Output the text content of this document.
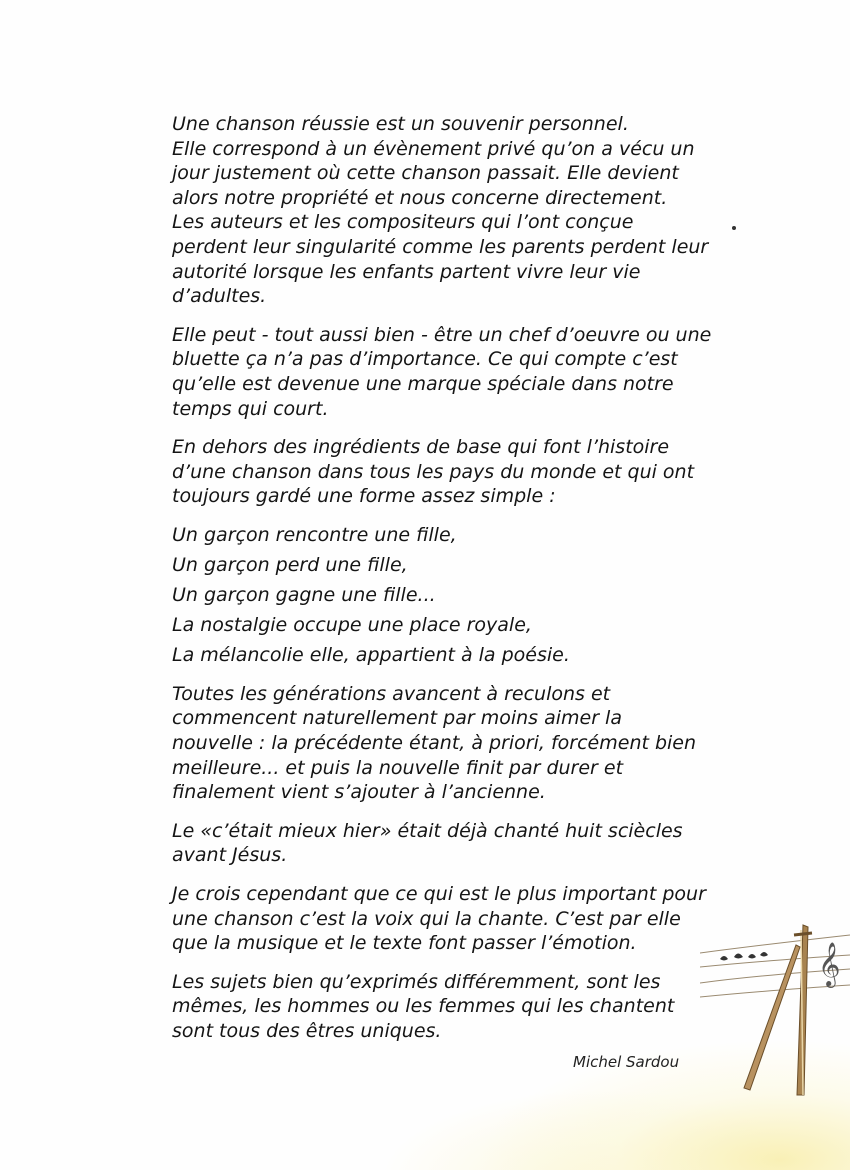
Une chanson réussie est un souvenir personnel.
Elle correspond à un évènement privé qu’on a vécu un
jour justement où cette chanson passait. Elle devient
alors notre propriété et nous concerne directement.
Les auteurs et les compositeurs qui l’ont conçue
perdent leur singularité comme les parents perdent leur
autorité lorsque les enfants partent vivre leur vie
d’adultes.

Elle peut - tout aussi bien - être un chef d’oeuvre ou une
bluette ça n’a pas d’importance. Ce qui compte c’est
qu’elle est devenue une marque spéciale dans notre
temps qui court.

En dehors des ingrédients de base qui font l’histoire
d’une chanson dans tous les pays du monde et qui ont
toujours gardé une forme assez simple :

Un garçon rencontre une fille,

Un garçon perd une fille,

Un garçon gagne une fille...

La nostalgie occupe une place royale,

La mélancolie elle, appartient à la poésie.

Toutes les générations avancent à reculons et
commencent naturellement par moins aimer la
nouvelle : la précédente étant, à priori, forcément bien
meilleure... et puis la nouvelle finit par durer et
finalement vient s’ajouter à l’ancienne.

Le «c’était mieux hier» était déjà chanté huit sciècles
avant Jésus.

Je crois cependant que ce qui est le plus important pour
une chanson c’est la voix qui la chante. C’est par elle
que la musique et le texte font passer l’émotion.

Les sujets bien qu’exprimés différemment, sont les
mêmes, les hommes ou les femmes qui les chantent
sont tous des êtres uniques.

Michel Sardou
𝄞
